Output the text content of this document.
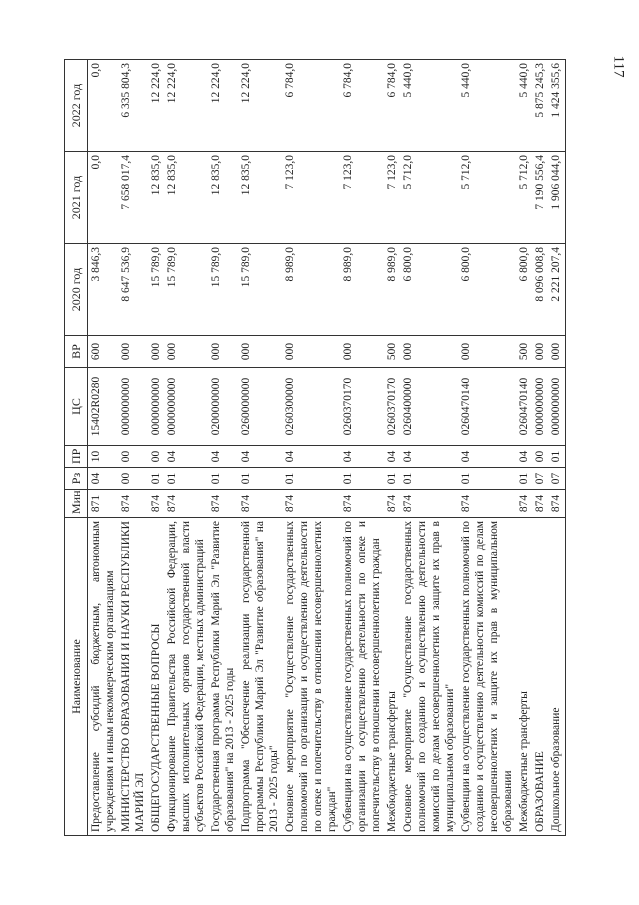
117
Наименование	Мин	Рз	ПР	ЦС	ВР	2020 год	2021 год	2022 год
Предоставление субсидий бюджетным, автономным учреждениям и иным некоммерческим организациям	871	04	10	15402R0280	600	3 846,3	0,0	0,0
МИНИСТЕРСТВО ОБРАЗОВАНИЯ И НАУКИ РЕСПУБЛИКИ МАРИЙ ЭЛ	874	00	00	0000000000	000	8 647 536,9	7 658 017,4	6 335 804,3
ОБЩЕГОСУДАРСТВЕННЫЕ ВОПРОСЫ	874	01	00	0000000000	000	15 789,0	12 835,0	12 224,0
Функционирование Правительства Российской Федерации, высших исполнительных органов государственной власти субъектов Российской Федерации, местных администраций	874	01	04	0000000000	000	15 789,0	12 835,0	12 224,0
Государственная программа Республики Марий Эл "Развитие образования" на 2013 - 2025 годы	874	01	04	0200000000	000	15 789,0	12 835,0	12 224,0
Подпрограмма "Обеспечение реализации государственной программы Республики Марий Эл "Развитие образования" на 2013 - 2025 годы"	874	01	04	0260000000	000	15 789,0	12 835,0	12 224,0
Основное мероприятие "Осуществление государственных полномочий по организации и осуществлению деятельности по опеке и попечительству в отношении несовершеннолетних граждан"	874	01	04	0260300000	000	8 989,0	7 123,0	6 784,0
Субвенции на осуществление государственных полномочий по организации и осуществлению деятельности по опеке и попечительству в отношении несовершеннолетних граждан	874	01	04	0260370170	000	8 989,0	7 123,0	6 784,0
Межбюджетные трансферты	874	01	04	0260370170	500	8 989,0	7 123,0	6 784,0
Основное мероприятие "Осуществление государственных полномочий по созданию и осуществлению деятельности комиссий по делам несовершеннолетних и защите их прав в муниципальном образовании"	874	01	04	0260400000	000	6 800,0	5 712,0	5 440,0
Субвенции на осуществление государственных полномочий по созданию и осуществлению деятельности комиссий по делам несовершеннолетних и защите их прав в муниципальном образовании	874	01	04	0260470140	000	6 800,0	5 712,0	5 440,0
Межбюджетные трансферты	874	01	04	0260470140	500	6 800,0	5 712,0	5 440,0
ОБРАЗОВАНИЕ	874	07	00	0000000000	000	8 096 008,8	7 190 556,4	5 875 245,3
Дошкольное образование	874	07	01	0000000000	000	2 221 207,4	1 906 044,0	1 424 355,6
